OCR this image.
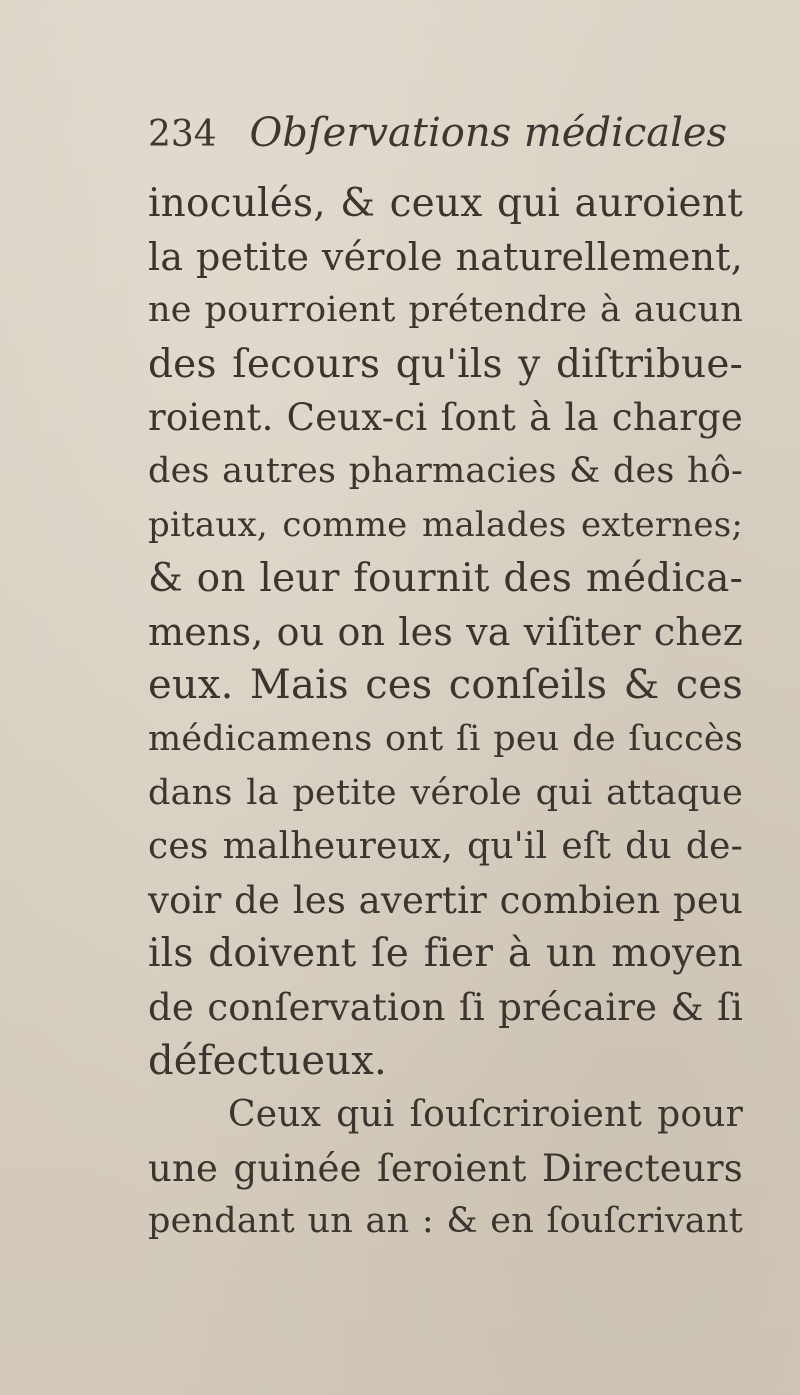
234 Obſervations médicales
inoculés, & ceux qui auroient
la petite vérole naturellement,
ne pourroient prétendre à aucun
des ſecours qu'ils y diſtribue-
roient. Ceux-ci ſont à la charge
des autres pharmacies & des hô-
pitaux, comme malades externes;
& on leur fournit des médica-
mens, ou on les va viſiter chez
eux. Mais ces conſeils & ces
médicamens ont ſi peu de ſuccès
dans la petite vérole qui attaque
ces malheureux, qu'il eſt du de-
voir de les avertir combien peu
ils doivent ſe fier à un moyen
de conſervation ſi précaire & ſi
défectueux.
Ceux qui ſouſcriroient pour
une guinée ſeroient Directeurs
pendant un an : & en ſouſcrivant
